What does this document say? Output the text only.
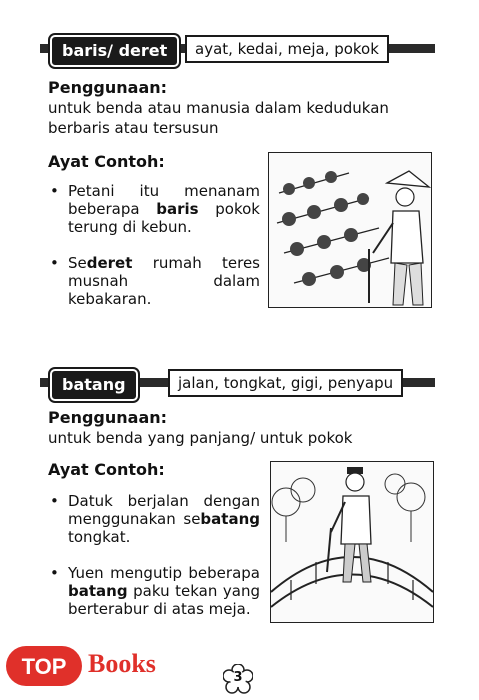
baris/ deret	ayat, kedai, meja, pokok
Penggunaan:
untuk benda atau manusia dalam kedudukan berbaris atau tersusun
Ayat Contoh:
• Petani itu menanam beberapa baris pokok terung di kebun.
• Sederet rumah teres musnah dalam kebakaran.
batang	jalan, tongkat, gigi, penyapu
Penggunaan:
untuk benda yang panjang/ untuk pokok
Ayat Contoh:
• Datuk berjalan dengan menggunakan sebatang tongkat.
• Yuen mengutip beberapa batang paku tekan yang berterabur di atas meja.
TOP Books	3
